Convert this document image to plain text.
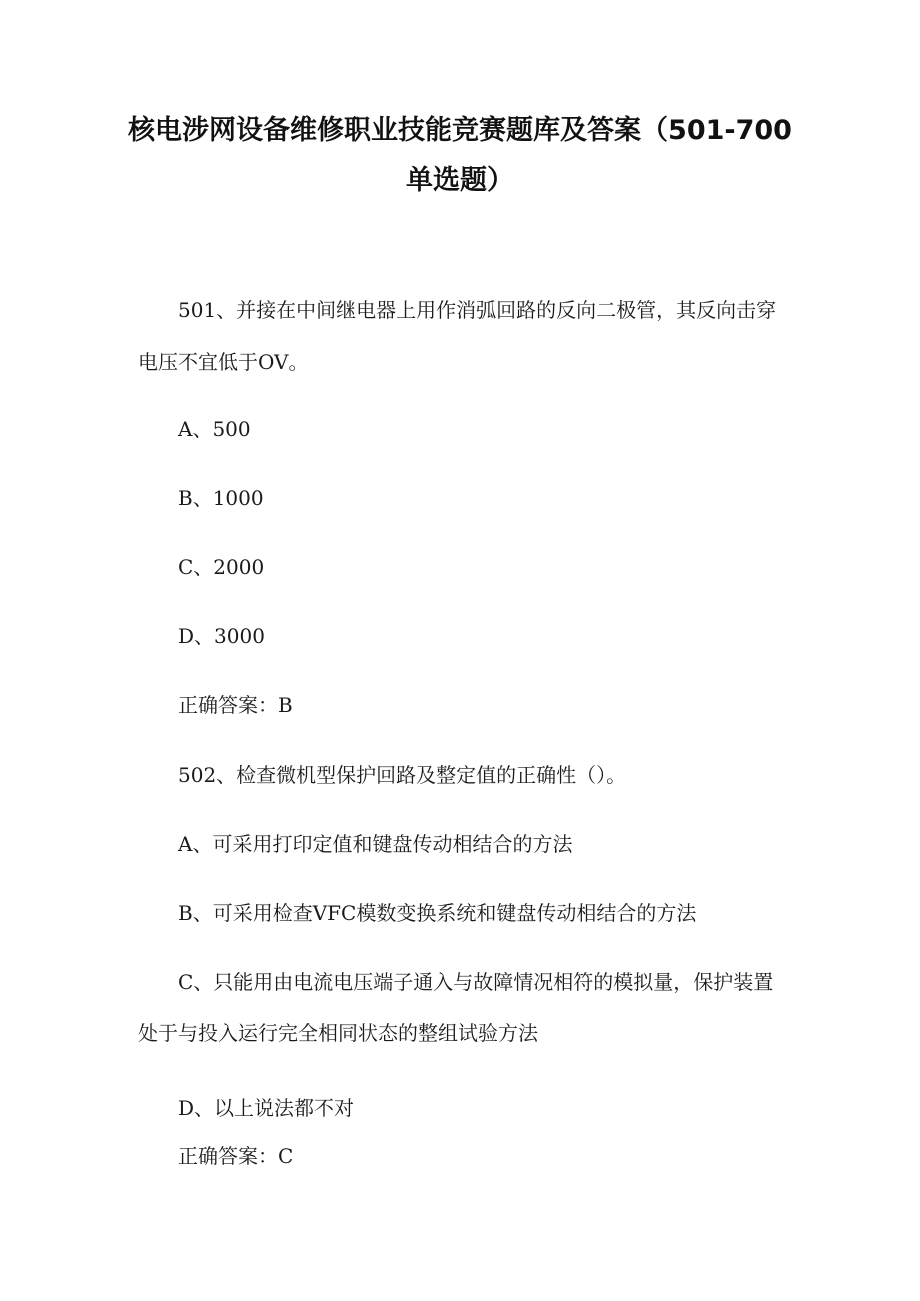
核电涉网设备维修职业技能竞赛题库及答案（501-700
单选题）
501、并接在中间继电器上用作消弧回路的反向二极管，其反向击穿
电压不宜低于OV。
A、500
B、1000
C、2000
D、3000
正确答案：B
502、检查微机型保护回路及整定值的正确性（）。
A、可采用打印定值和键盘传动相结合的方法
B、可采用检查VFC模数变换系统和键盘传动相结合的方法
C、只能用由电流电压端子通入与故障情况相符的模拟量，保护装置
处于与投入运行完全相同状态的整组试验方法
D、以上说法都不对
正确答案：C
